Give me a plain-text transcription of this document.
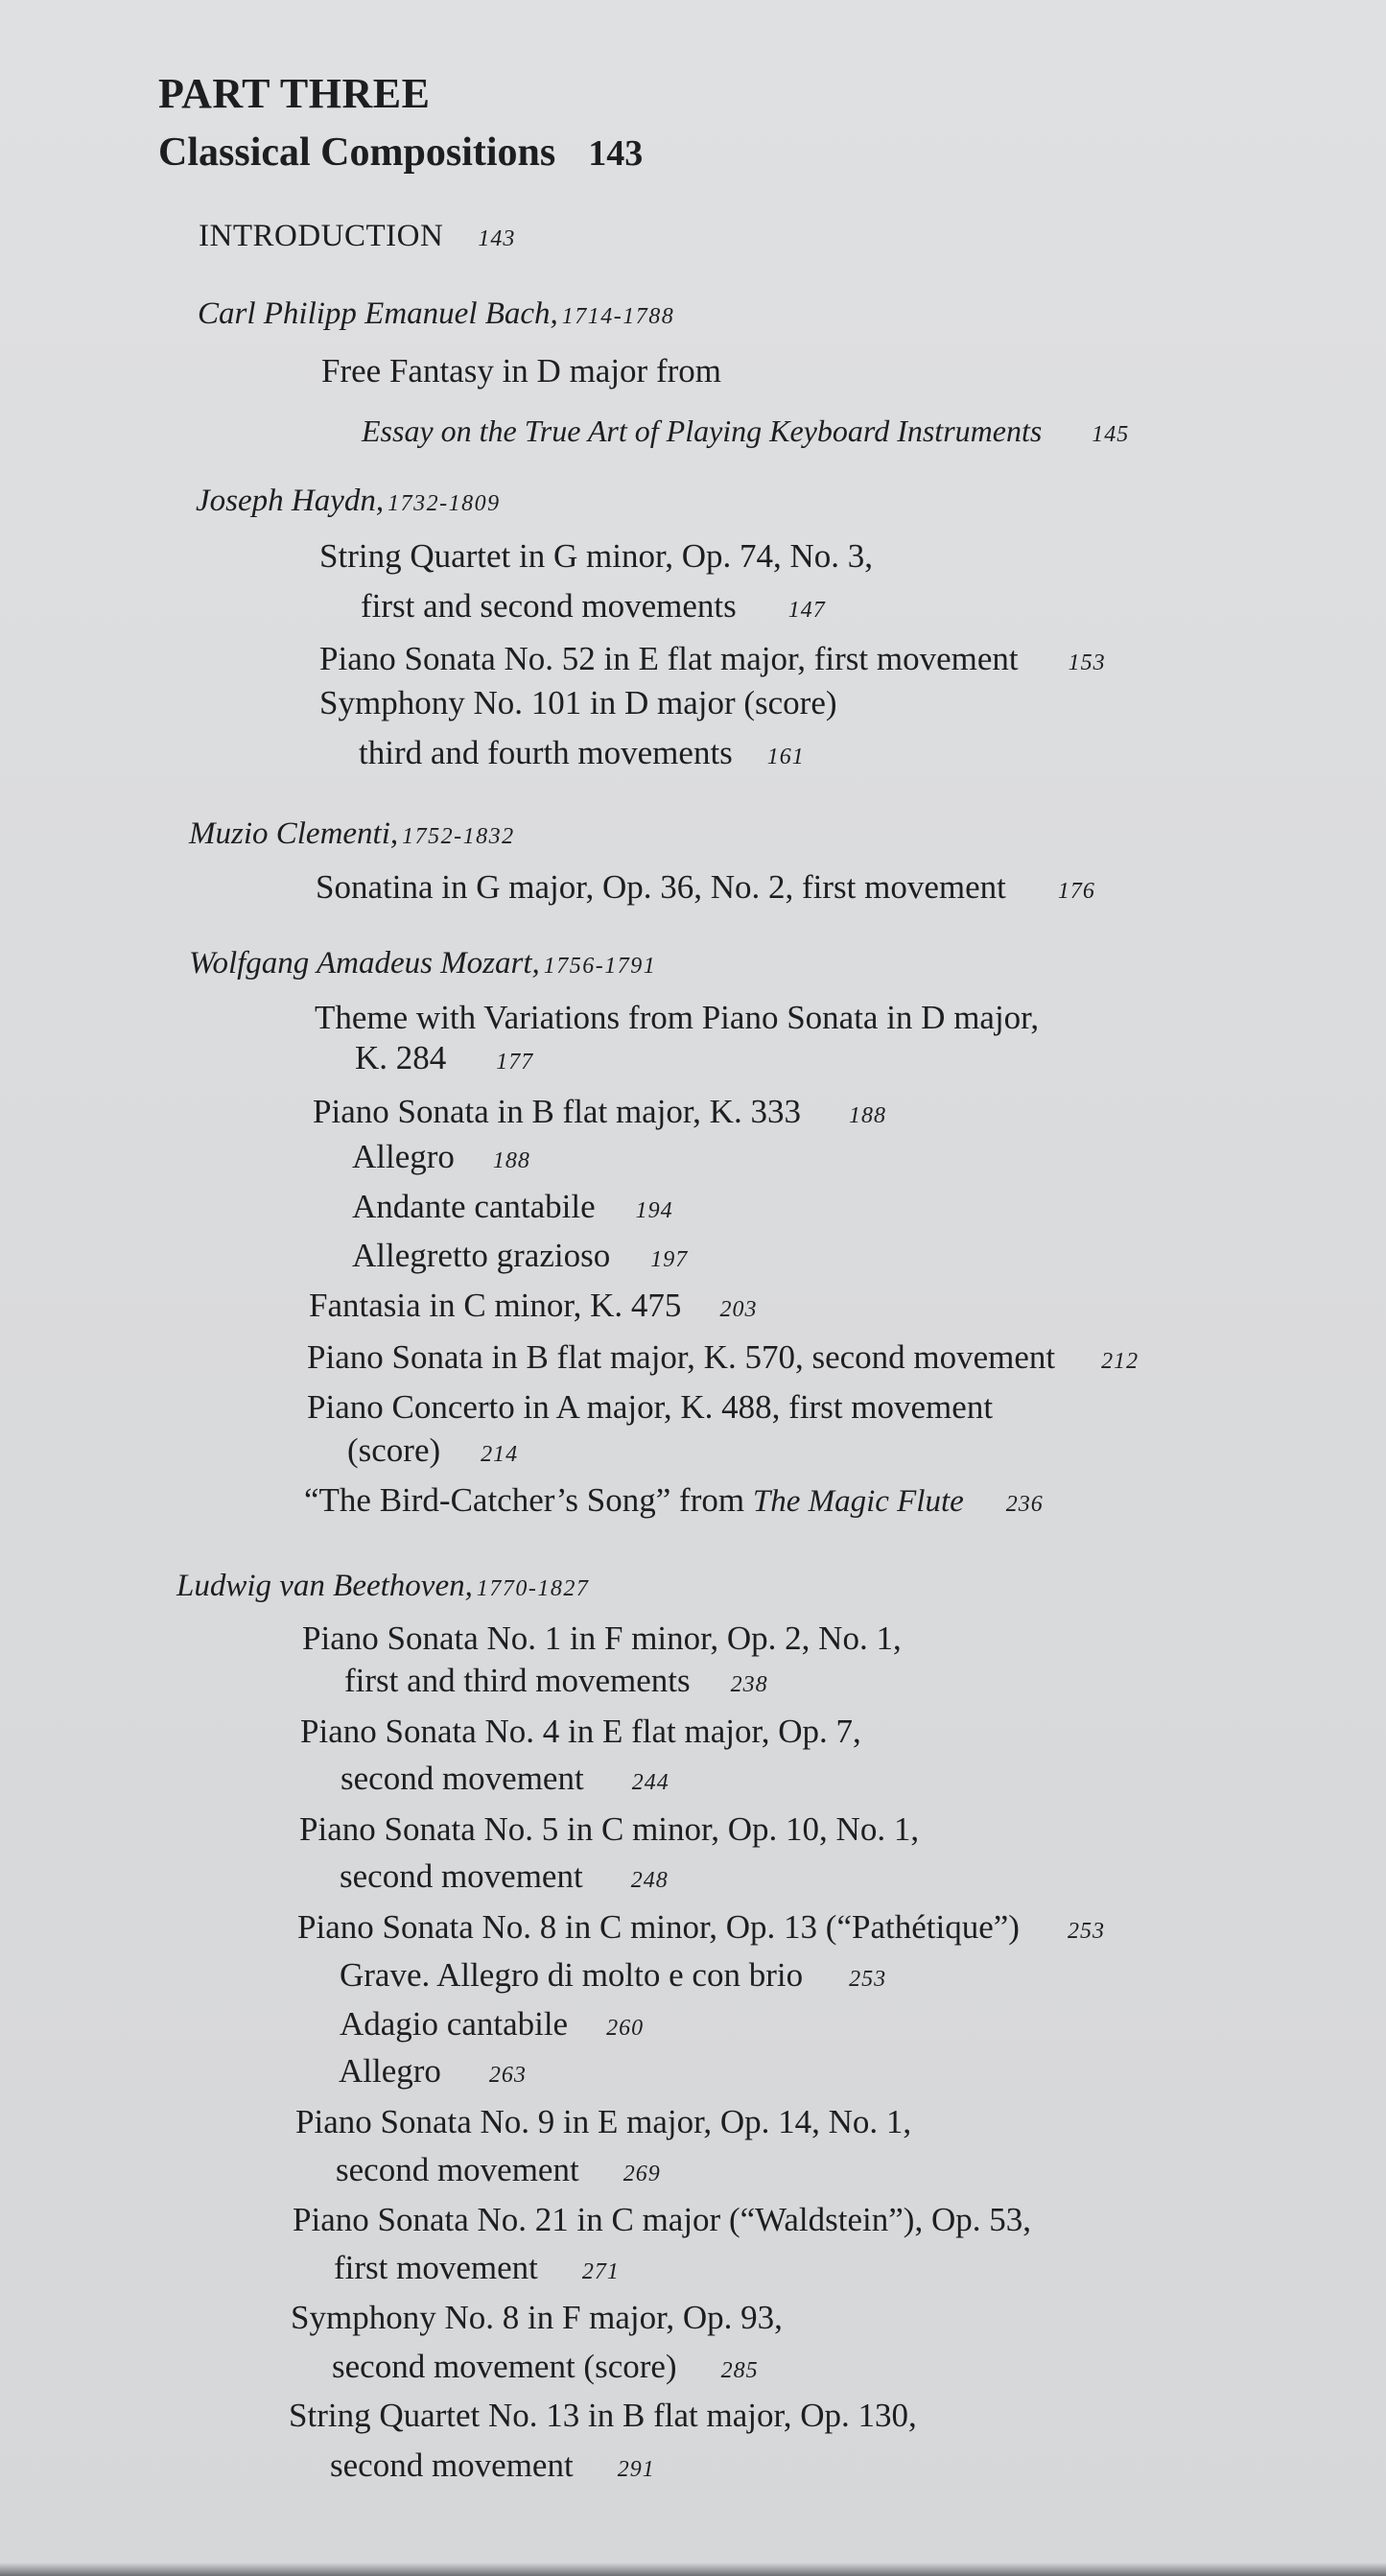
PART THREE
Classical Compositions 143
INTRODUCTION 143
Carl Philipp Emanuel Bach, 1714-1788
Free Fantasy in D major from
Essay on the True Art of Playing Keyboard Instruments 145
Joseph Haydn, 1732-1809
String Quartet in G minor, Op. 74, No. 3,
first and second movements 147
Piano Sonata No. 52 in E flat major, first movement 153
Symphony No. 101 in D major (score)
third and fourth movements 161
Muzio Clementi, 1752-1832
Sonatina in G major, Op. 36, No. 2, first movement 176
Wolfgang Amadeus Mozart, 1756-1791
Theme with Variations from Piano Sonata in D major,
K. 284 177
Piano Sonata in B flat major, K. 333 188
Allegro 188
Andante cantabile 194
Allegretto grazioso 197
Fantasia in C minor, K. 475 203
Piano Sonata in B flat major, K. 570, second movement 212
Piano Concerto in A major, K. 488, first movement
(score) 214
“The Bird-Catcher’s Song” from The Magic Flute 236
Ludwig van Beethoven, 1770-1827
Piano Sonata No. 1 in F minor, Op. 2, No. 1,
first and third movements 238
Piano Sonata No. 4 in E flat major, Op. 7,
second movement 244
Piano Sonata No. 5 in C minor, Op. 10, No. 1,
second movement 248
Piano Sonata No. 8 in C minor, Op. 13 (“Pathétique”) 253
Grave. Allegro di molto e con brio 253
Adagio cantabile 260
Allegro 263
Piano Sonata No. 9 in E major, Op. 14, No. 1,
second movement 269
Piano Sonata No. 21 in C major (“Waldstein”), Op. 53,
first movement 271
Symphony No. 8 in F major, Op. 93,
second movement (score) 285
String Quartet No. 13 in B flat major, Op. 130,
second movement 291
